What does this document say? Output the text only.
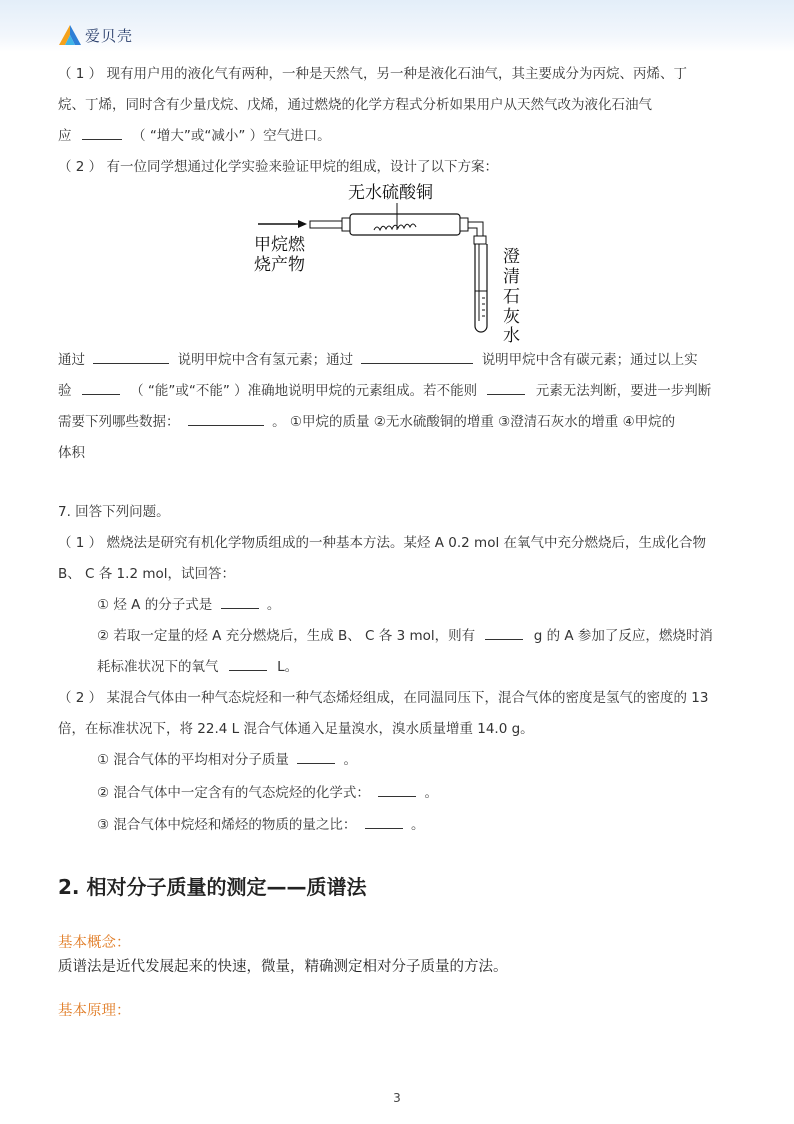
爱贝壳
（ 1 ） 现有用户用的液化气有两种，一种是天然气，另一种是液化石油气，其主要成分为丙烷、丙烯、丁
烷、丁烯，同时含有少量戊烷、戊烯，通过燃烧的化学方程式分析如果用户从天然气改为液化石油气
应	（ “增大”或“减小” ）空气进口。
（ 2 ） 有一位同学想通过化学实验来验证甲烷的组成，设计了以下方案：
无水硫酸铜
甲烷燃
烧产物	澄
清
石
灰
水
通过	说明甲烷中含有氢元素；通过	说明甲烷中含有碳元素；通过以上实
验	（ “能”或“不能” ）准确地说明甲烷的元素组成。若不能则	元素无法判断，要进一步判断
需要下列哪些数据：	。 ①甲烷的质量 ②无水硫酸铜的增重 ③澄清石灰水的增重 ④甲烷的
体积
7. 回答下列问题。
（ 1 ） 燃烧法是研究有机化学物质组成的一种基本方法。某烃 A 0.2 mol 在氧气中充分燃烧后，生成化合物
B、 C 各 1.2 mol，试回答：
① 烃 A 的分子式是	。
② 若取一定量的烃 A 充分燃烧后，生成 B、 C 各 3 mol，则有	g 的 A 参加了反应，燃烧时消
耗标准状况下的氧气	L。
（ 2 ） 某混合气体由一种气态烷烃和一种气态烯烃组成，在同温同压下，混合气体的密度是氢气的密度的 13
倍，在标准状况下，将 22.4 L 混合气体通入足量溴水，溴水质量增重 14.0 g。
① 混合气体的平均相对分子质量	。
② 混合气体中一定含有的气态烷烃的化学式：	。
③ 混合气体中烷烃和烯烃的物质的量之比：	。
2. 相对分子质量的测定——质谱法
基本概念：
质谱法是近代发展起来的快速，微量，精确测定相对分子质量的方法。
基本原理：
3
